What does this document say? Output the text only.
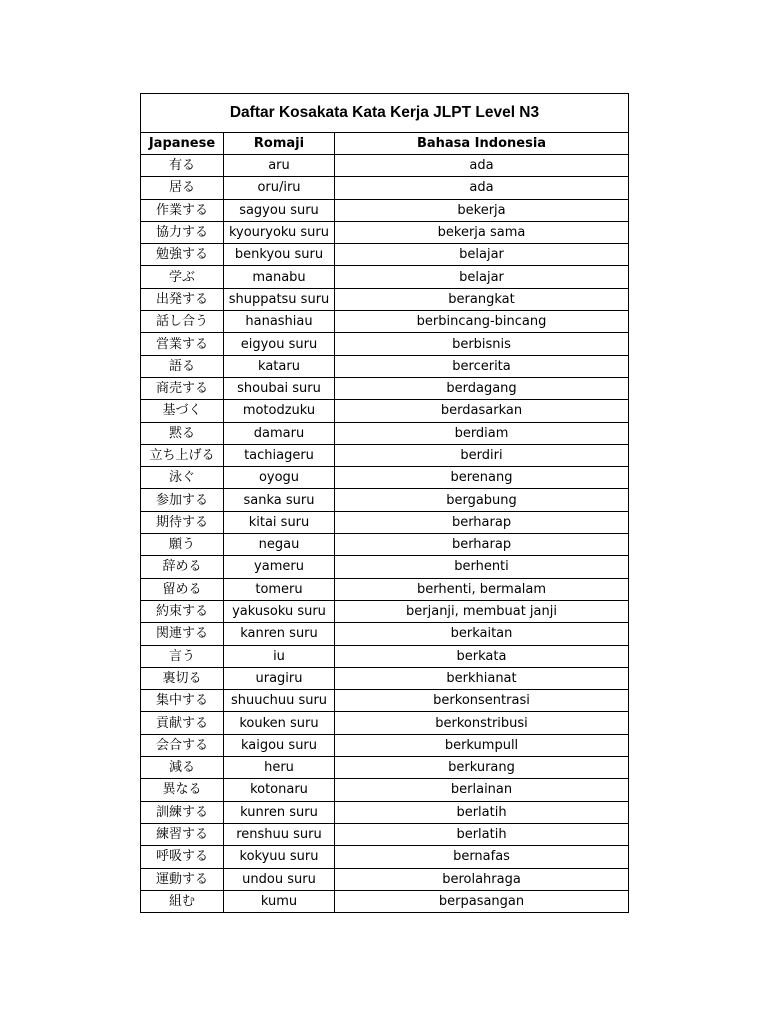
Daftar Kosakata Kata Kerja JLPT Level N3		
Japanese	Romaji	Bahasa Indonesia
有る	aru	ada
居る	oru/iru	ada
作業する	sagyou suru	bekerja
協力する	kyouryoku suru	bekerja sama
勉強する	benkyou suru	belajar
学ぶ	manabu	belajar
出発する	shuppatsu suru	berangkat
話し合う	hanashiau	berbincang-bincang
営業する	eigyou suru	berbisnis
語る	kataru	bercerita
商売する	shoubai suru	berdagang
基づく	motodzuku	berdasarkan
黙る	damaru	berdiam
立ち上げる	tachiageru	berdiri
泳ぐ	oyogu	berenang
参加する	sanka suru	bergabung
期待する	kitai suru	berharap
願う	negau	berharap
辞める	yameru	berhenti
留める	tomeru	berhenti, bermalam
約束する	yakusoku suru	berjanji, membuat janji
関連する	kanren suru	berkaitan
言う	iu	berkata
裏切る	uragiru	berkhianat
集中する	shuuchuu suru	berkonsentrasi
貢献する	kouken suru	berkonstribusi
会合する	kaigou suru	berkumpull
減る	heru	berkurang
異なる	kotonaru	berlainan
訓練する	kunren suru	berlatih
練習する	renshuu suru	berlatih
呼吸する	kokyuu suru	bernafas
運動する	undou suru	berolahraga
組む	kumu	berpasangan
